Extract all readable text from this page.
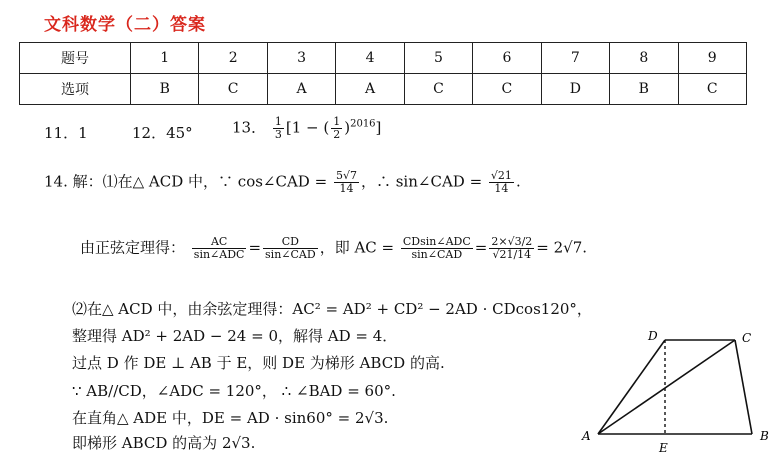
文科数学（二）答案
题号	1	2	3	4	5	6	7	8	9
选项	B	C	A	A	C	C	D	B	C
11．1	12．45°	13． $\frac{1}{3} [1$ − ( $\frac{1}{2} )^{2016}$]
14. 解：⑴在△ ACD 中，∵ cos∠CAD = $\frac{5√7}{14}$ ，∴ sin∠CAD = $\frac{√21}{14}$ .
由正弦定理得： $\frac{AC}{\text{sin∠ADC}} = \frac{CD}{\text{sin∠CAD}}$ ，即 AC = $\frac{\text{CDsin∠ADC}}{\text{sin∠CAD}} = \frac{2\times√3/2}{√21/14} = 2√7$.
⑵在△ ACD 中，由余弦定理得：AC² = AD² + CD² − 2AD · CDcos120°，
整理得 AD² + 2AD − 24 = 0，解得 AD = 4．
过点 D 作 DE ⊥ AB 于 E，则 DE 为梯形 ABCD 的高.
∵ AB//CD，∠ADC = 120°， ∴ ∠BAD = 60°.
在直角△ ADE 中，DE = AD · sin60° = 2√3.
即梯形 ABCD 的高为 2√3.	A	B
C
D
E
